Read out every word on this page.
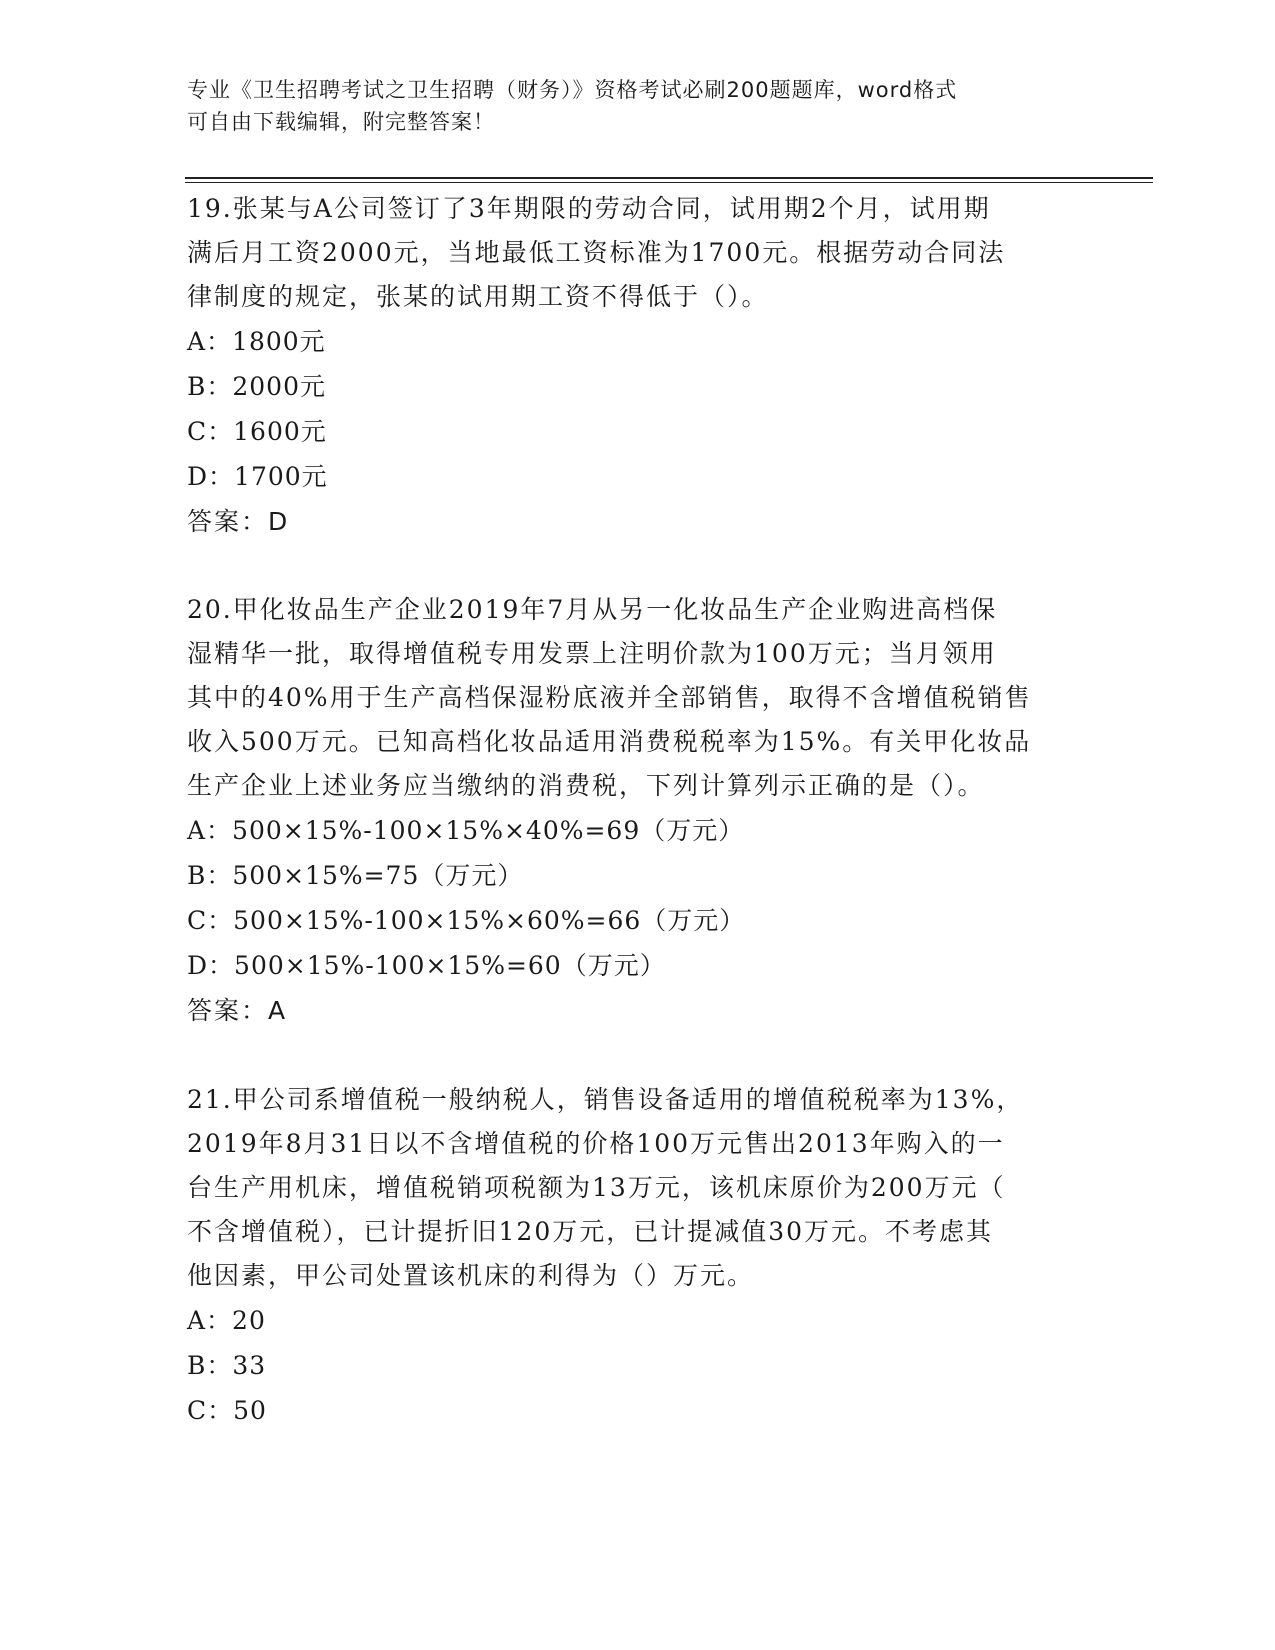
专业《卫生招聘考试之卫生招聘（财务）》资格考试必刷200题题库，word格式
可自由下载编辑，附完整答案！
19.张某与A公司签订了3年期限的劳动合同，试用期2个月，试用期
满后月工资2000元，当地最低工资标准为1700元。根据劳动合同法
律制度的规定，张某的试用期工资不得低于（）。
A：1800元
B：2000元
C：1600元
D：1700元
答案：D
20.甲化妆品生产企业2019年7月从另一化妆品生产企业购进高档保
湿精华一批，取得增值税专用发票上注明价款为100万元；当月领用
其中的40%用于生产高档保湿粉底液并全部销售，取得不含增值税销售
收入500万元。已知高档化妆品适用消费税税率为15%。有关甲化妆品
生产企业上述业务应当缴纳的消费税，下列计算列示正确的是（）。
A：500×15%-100×15%×40%=69（万元）
B：500×15%=75（万元）
C：500×15%-100×15%×60%=66（万元）
D：500×15%-100×15%=60（万元）
答案：A
21.甲公司系增值税一般纳税人，销售设备适用的增值税税率为13%，
2019年8月31日以不含增值税的价格100万元售出2013年购入的一
台生产用机床，增值税销项税额为13万元，该机床原价为200万元（
不含增值税），已计提折旧120万元，已计提减值30万元。不考虑其
他因素，甲公司处置该机床的利得为（）万元。
A：20
B：33
C：50
